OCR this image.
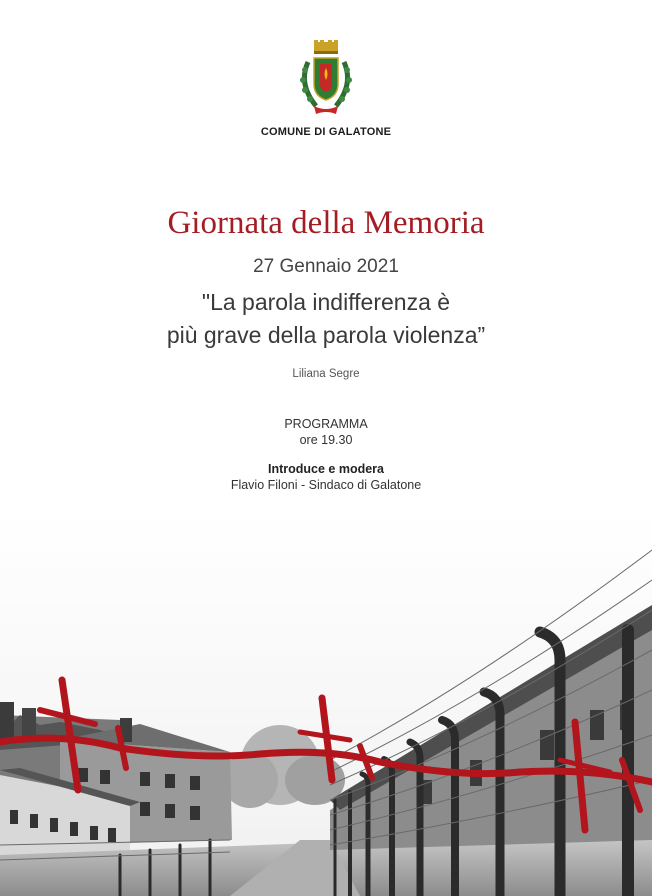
COMUNE DI GALATONE
Giornata della Memoria
27 Gennaio 2021
"La parola indifferenza è
più grave della parola violenza”
Liliana Segre
PROGRAMMA
ore 19.30
Introduce e modera
Flavio Filoni - Sindaco di Galatone
